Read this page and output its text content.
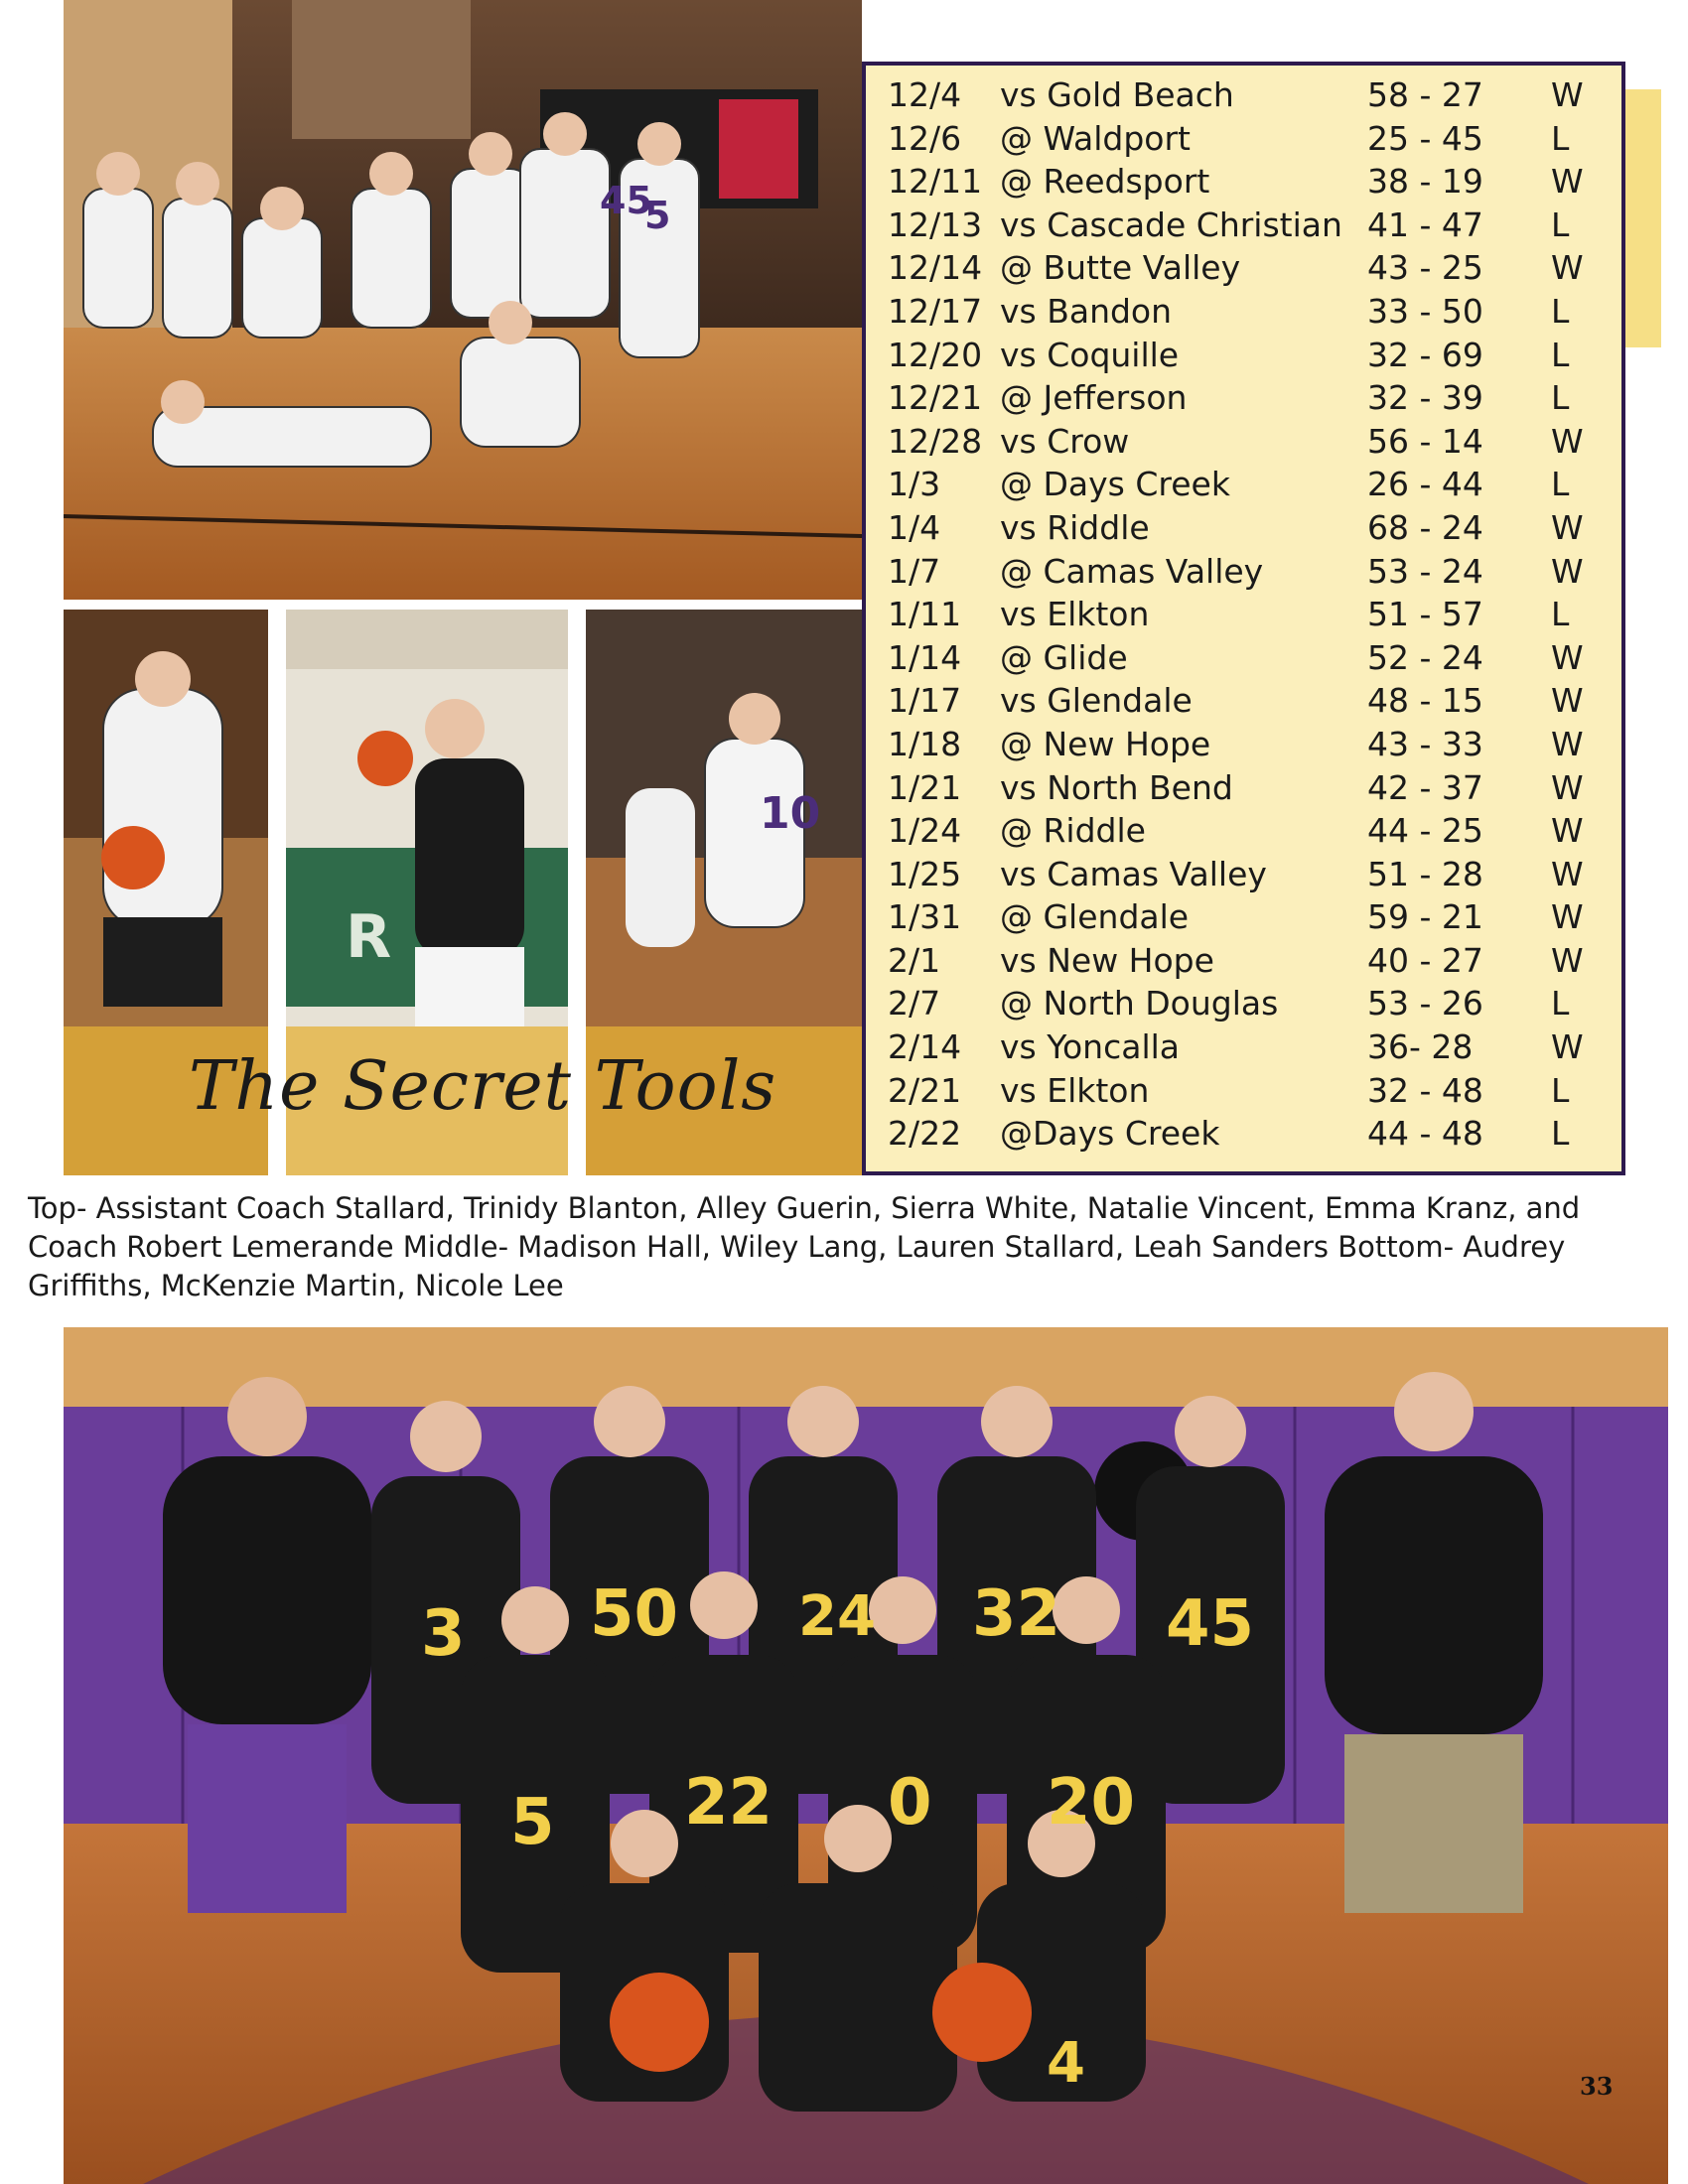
45
5
R
10
The Secret Tools
12/4 vs Gold Beach	58 - 27 W
12/6 @ Waldport	25 - 45 L
12/11 @ Reedsport	38 - 19 W
12/13 vs Cascade Christian 41 - 47 L
12/14 @ Butte Valley	43 - 25 W
12/17 vs Bandon	33 - 50 L
12/20 vs Coquille	32 - 69 L
12/21 @ Jefferson	32 - 39 L
12/28 vs Crow	56 - 14 W
1/3 @ Days Creek	26 - 44 L
1/4 vs Riddle	68 - 24 W
1/7 @ Camas Valley	53 - 24 W
1/11 vs Elkton	51 - 57 L
1/14 @ Glide	52 - 24 W
1/17 vs Glendale	48 - 15 W
1/18 @ New Hope	43 - 33 W
1/21 vs North Bend	42 - 37 W
1/24 @ Riddle	44 - 25 W
1/25 vs Camas Valley	51 - 28 W
1/31 @ Glendale	59 - 21 W
2/1 vs New Hope	40 - 27 W
2/7 @ North Douglas	53 - 26 L
2/14 vs Yoncalla	36- 28 W
2/21 vs Elkton	32 - 48 L
2/22 @Days Creek	44 - 48 L
Top- Assistant Coach Stallard, Trinidy Blanton, Alley Guerin, Sierra White, Natalie Vincent, Emma Kranz, and Coach Robert Lemerande Middle- Madison Hall, Wiley Lang, Lauren Stallard, Leah Sanders Bottom- Audrey Griffiths, McKenzie Martin, Nicole Lee
3 50 24 32 45
5 22 0 20
4	33
